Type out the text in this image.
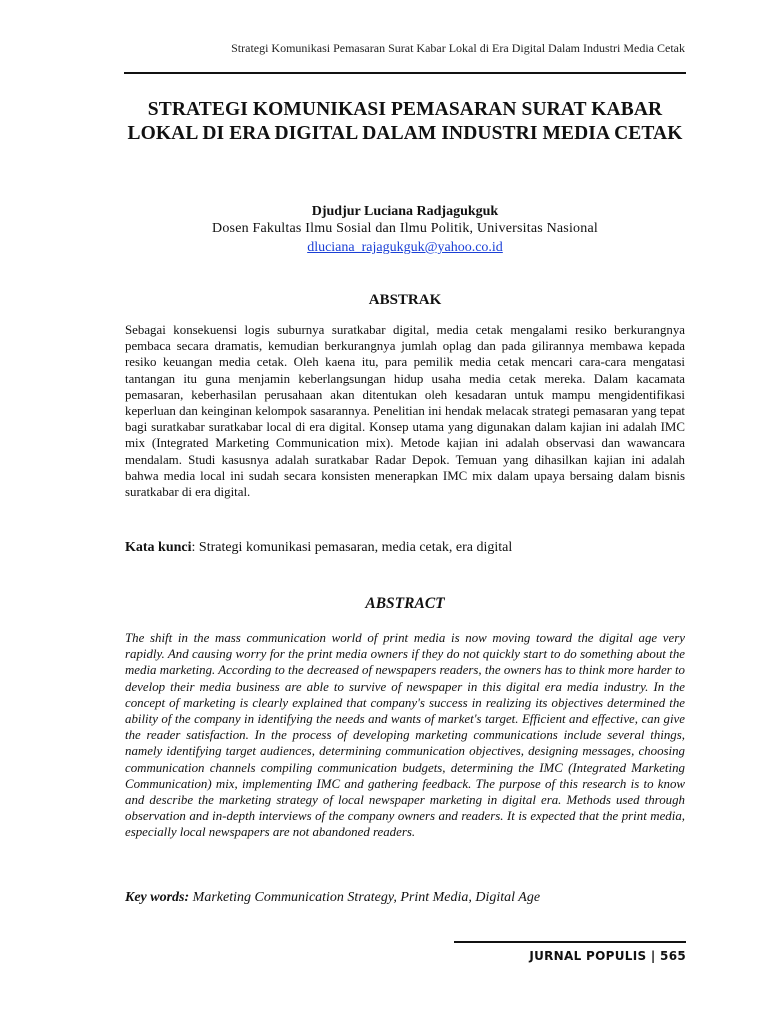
Strategi Komunikasi Pemasaran Surat Kabar Lokal di Era Digital Dalam Industri Media Cetak
STRATEGI KOMUNIKASI PEMASARAN SURAT KABAR LOKAL DI ERA DIGITAL DALAM INDUSTRI MEDIA CETAK
Djudjur Luciana Radjagukguk
Dosen Fakultas Ilmu Sosial dan Ilmu Politik, Universitas Nasional
dluciana_rajagukguk@yahoo.co.id
ABSTRAK
Sebagai konsekuensi logis suburnya suratkabar digital, media cetak mengalami resiko berkurangnya pembaca secara dramatis, kemudian berkurangnya jumlah oplag dan pada gilirannya membawa kepada resiko keuangan media cetak. Oleh kaena itu, para pemilik media cetak mencari cara-cara mengatasi tantangan itu guna menjamin keberlangsungan hidup usaha media cetak mereka. Dalam kacamata pemasaran, keberhasilan perusahaan akan ditentukan oleh kesadaran untuk mampu mengidentifikasi keperluan dan keinginan kelompok sasarannya. Penelitian ini hendak melacak strategi pemasaran yang tepat bagi suratkabar suratkabar local di era digital. Konsep utama yang digunakan dalam kajian ini adalah IMC mix (Integrated Marketing Communication mix). Metode kajian ini adalah observasi dan wawancara mendalam. Studi kasusnya adalah suratkabar Radar Depok. Temuan yang dihasilkan kajian ini adalah bahwa media local ini sudah secara konsisten menerapkan IMC mix dalam upaya bersaing dalam bisnis suratkabar di era digital.
Kata kunci: Strategi komunikasi pemasaran, media cetak, era digital
ABSTRACT
The shift in the mass communication world of print media is now moving toward the digital age very rapidly. And causing worry for the print media owners if they do not quickly start to do something about the media marketing. According to the decreased of newspapers readers, the owners has to think more harder to develop their media business are able to survive of newspaper in this digital era media industry. In the concept of marketing is clearly explained that company's success in realizing its objectives determined the ability of the company in identifying the needs and wants of market's target. Efficient and effective, can give the reader satisfaction. In the process of developing marketing communications include several things, namely identifying target audiences, determining communication objectives, designing messages, choosing communication channels compiling communication budgets, determining the IMC (Integrated Marketing Communication) mix, implementing IMC and gathering feedback. The purpose of this research is to know and describe the marketing strategy of local newspaper marketing in digital era. Methods used through observation and in-depth interviews of the company owners and readers. It is expected that the print media, especially local newspapers are not abandoned readers.
Key words: Marketing Communication Strategy, Print Media, Digital Age
JURNAL POPULIS | 565
